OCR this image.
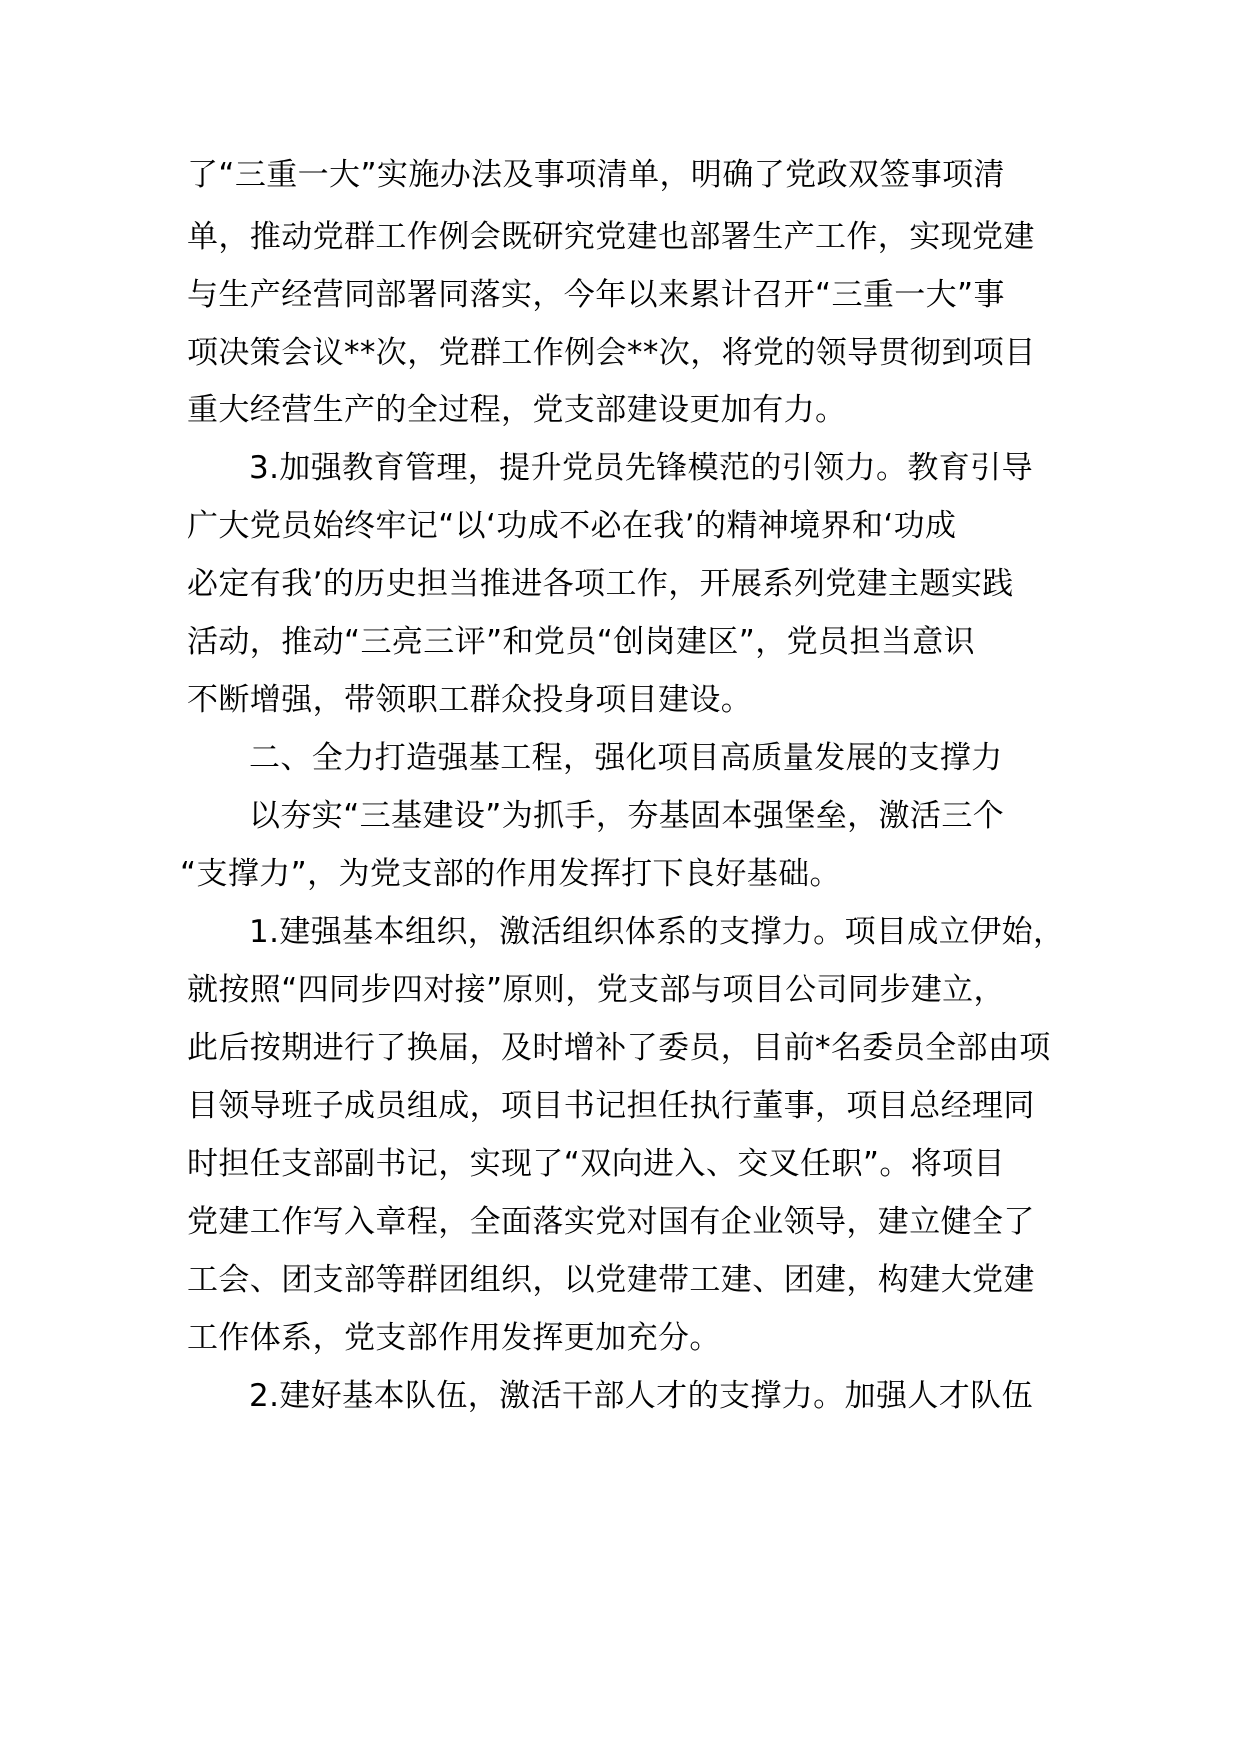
了“三重一大”实施办法及事项清单，明确了党政双签事项清
单，推动党群工作例会既研究党建也部署生产工作，实现党建
与生产经营同部署同落实，今年以来累计召开“三重一大”事
项决策会议**次，党群工作例会**次，将党的领导贯彻到项目
重大经营生产的全过程，党支部建设更加有力。
3.加强教育管理，提升党员先锋模范的引领力。教育引导
广大党员始终牢记“以‘功成不必在我’的精神境界和‘功成
必定有我’的历史担当推进各项工作，开展系列党建主题实践
活动，推动“三亮三评”和党员“创岗建区”，党员担当意识
不断增强，带领职工群众投身项目建设。
二、全力打造强基工程，强化项目高质量发展的支撑力
以夯实“三基建设”为抓手，夯基固本强堡垒，激活三个
“支撑力”，为党支部的作用发挥打下良好基础。
1.建强基本组织，激活组织体系的支撑力。项目成立伊始，
就按照“四同步四对接”原则，党支部与项目公司同步建立，
此后按期进行了换届，及时增补了委员，目前*名委员全部由项
目领导班子成员组成，项目书记担任执行董事，项目总经理同
时担任支部副书记，实现了“双向进入、交叉任职”。将项目
党建工作写入章程，全面落实党对国有企业领导，建立健全了
工会、团支部等群团组织，以党建带工建、团建，构建大党建
工作体系，党支部作用发挥更加充分。
2.建好基本队伍，激活干部人才的支撑力。加强人才队伍
